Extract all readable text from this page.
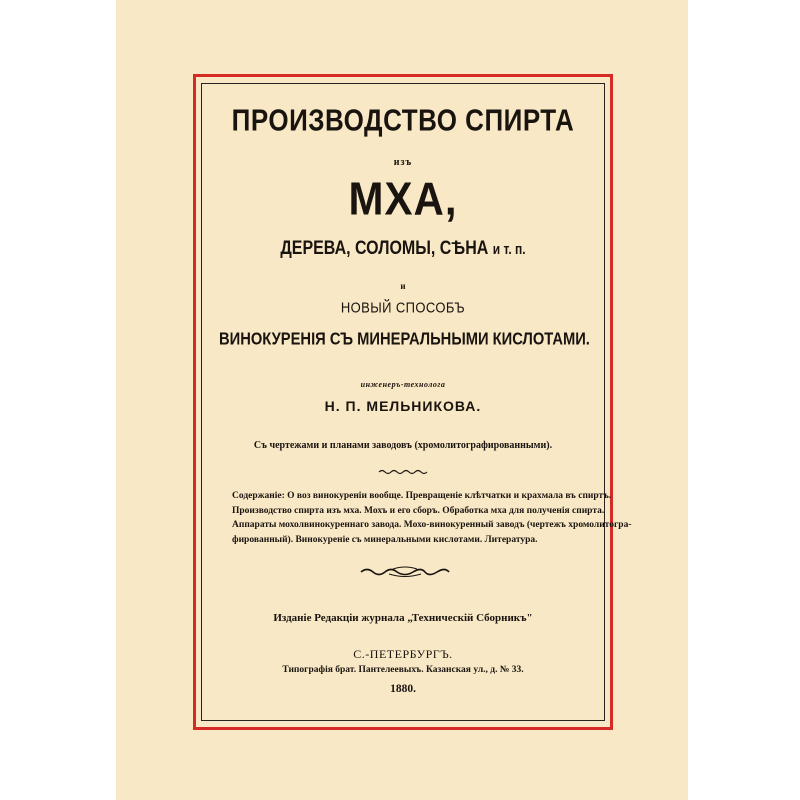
ПРОИЗВОДСТВО СПИРТА
изъ
МХА,
ДЕРЕВА, СОЛОМЫ, СѢНА и т. п.
и
НОВЫЙ СПОСОБЪ
ВИНОКУРЕНІЯ СЪ МИНЕРАЛЬНЫМИ КИСЛОТАМИ.
инженеръ-технолога
Н. П. МЕЛЬНИКОВА.
Съ чертежами и планами заводовъ (хромолитографированными).
Содержаніе: О воз винокуреніи вообще. Превращеніе клѣтчатки и крахмала въ спиртъ.
Производство спирта изъ мха. Мохъ и его сборъ. Обработка мха для полученія спирта.
Аппараты мохолвинокуреннаго завода. Мохо-винокуренный заводъ (чертежъ хромолитогра-
фированный). Винокуреніе съ минеральными кислотами. Литература.
Изданіе Редакціи журнала „Техническій Сборникъ"
С.-ПЕТЕРБУРГЪ.
Типографія брат. Пантелеевыхъ. Казанская ул., д. № 33.
1880.
